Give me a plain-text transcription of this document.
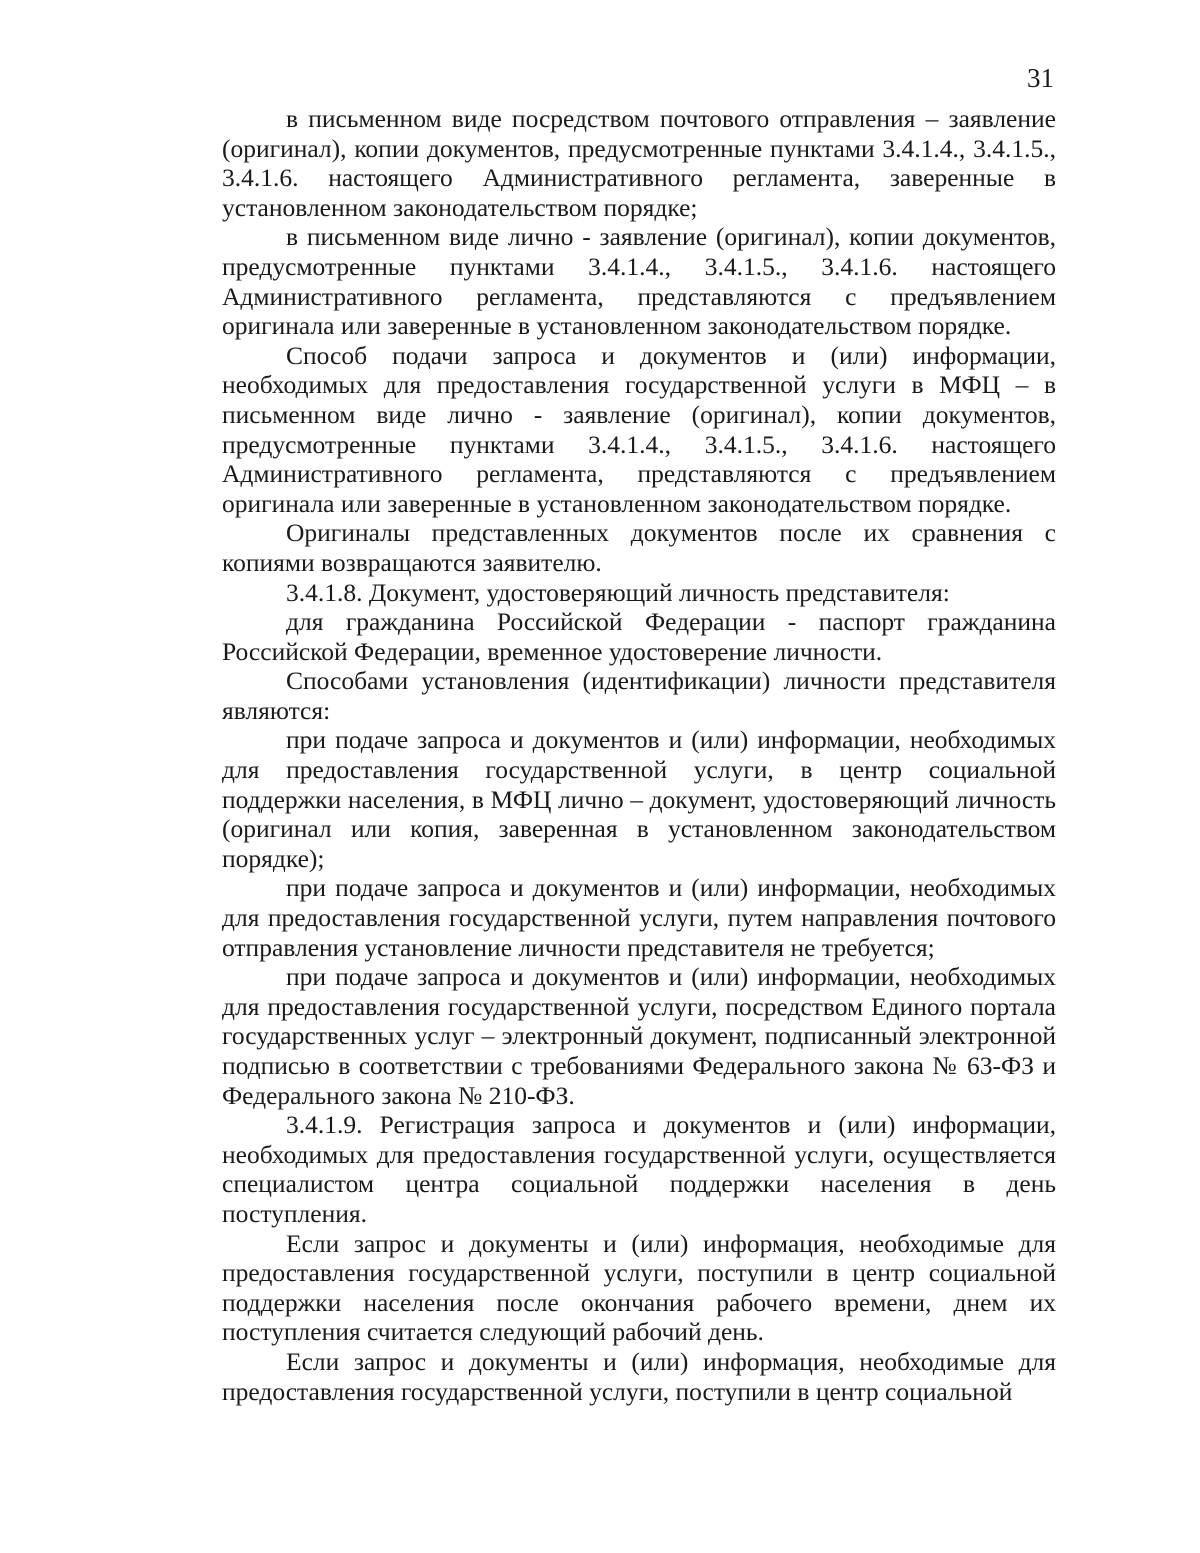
31

в письменном виде посредством почтового отправления – заявление (оригинал), копии документов, предусмотренные пунктами 3.4.1.4., 3.4.1.5., 3.4.1.6. настоящего Административного регламента, заверенные в установленном законодательством порядке;

в письменном виде лично - заявление (оригинал), копии документов, предусмотренные пунктами 3.4.1.4., 3.4.1.5., 3.4.1.6. настоящего Административного регламента, представляются с предъявлением оригинала или заверенные в установленном законодательством порядке.

Способ подачи запроса и документов и (или) информации, необходимых для предоставления государственной услуги в МФЦ – в письменном виде лично - заявление (оригинал), копии документов, предусмотренные пунктами 3.4.1.4., 3.4.1.5., 3.4.1.6. настоящего Административного регламента, представляются с предъявлением оригинала или заверенные в установленном законодательством порядке.

Оригиналы представленных документов после их сравнения с копиями возвращаются заявителю.

3.4.1.8. Документ, удостоверяющий личность представителя:

для гражданина Российской Федерации - паспорт гражданина Российской Федерации, временное удостоверение личности.

Способами установления (идентификации) личности представителя являются:

при подаче запроса и документов и (или) информации, необходимых для предоставления государственной услуги, в центр социальной поддержки населения, в МФЦ лично – документ, удостоверяющий личность (оригинал или копия, заверенная в установленном законодательством порядке);

при подаче запроса и документов и (или) информации, необходимых для предоставления государственной услуги, путем направления почтового отправления установление личности представителя не требуется;

при подаче запроса и документов и (или) информации, необходимых для предоставления государственной услуги, посредством Единого портала государственных услуг – электронный документ, подписанный электронной подписью в соответствии с требованиями Федерального закона № 63-ФЗ и Федерального закона № 210-ФЗ.

3.4.1.9. Регистрация запроса и документов и (или) информации, необходимых для предоставления государственной услуги, осуществляется специалистом центра социальной поддержки населения в день поступления.

Если запрос и документы и (или) информация, необходимые для предоставления государственной услуги, поступили в центр социальной поддержки населения после окончания рабочего времени, днем их поступления считается следующий рабочий день.

Если запрос и документы и (или) информация, необходимые для предоставления государственной услуги, поступили в центр социальной
